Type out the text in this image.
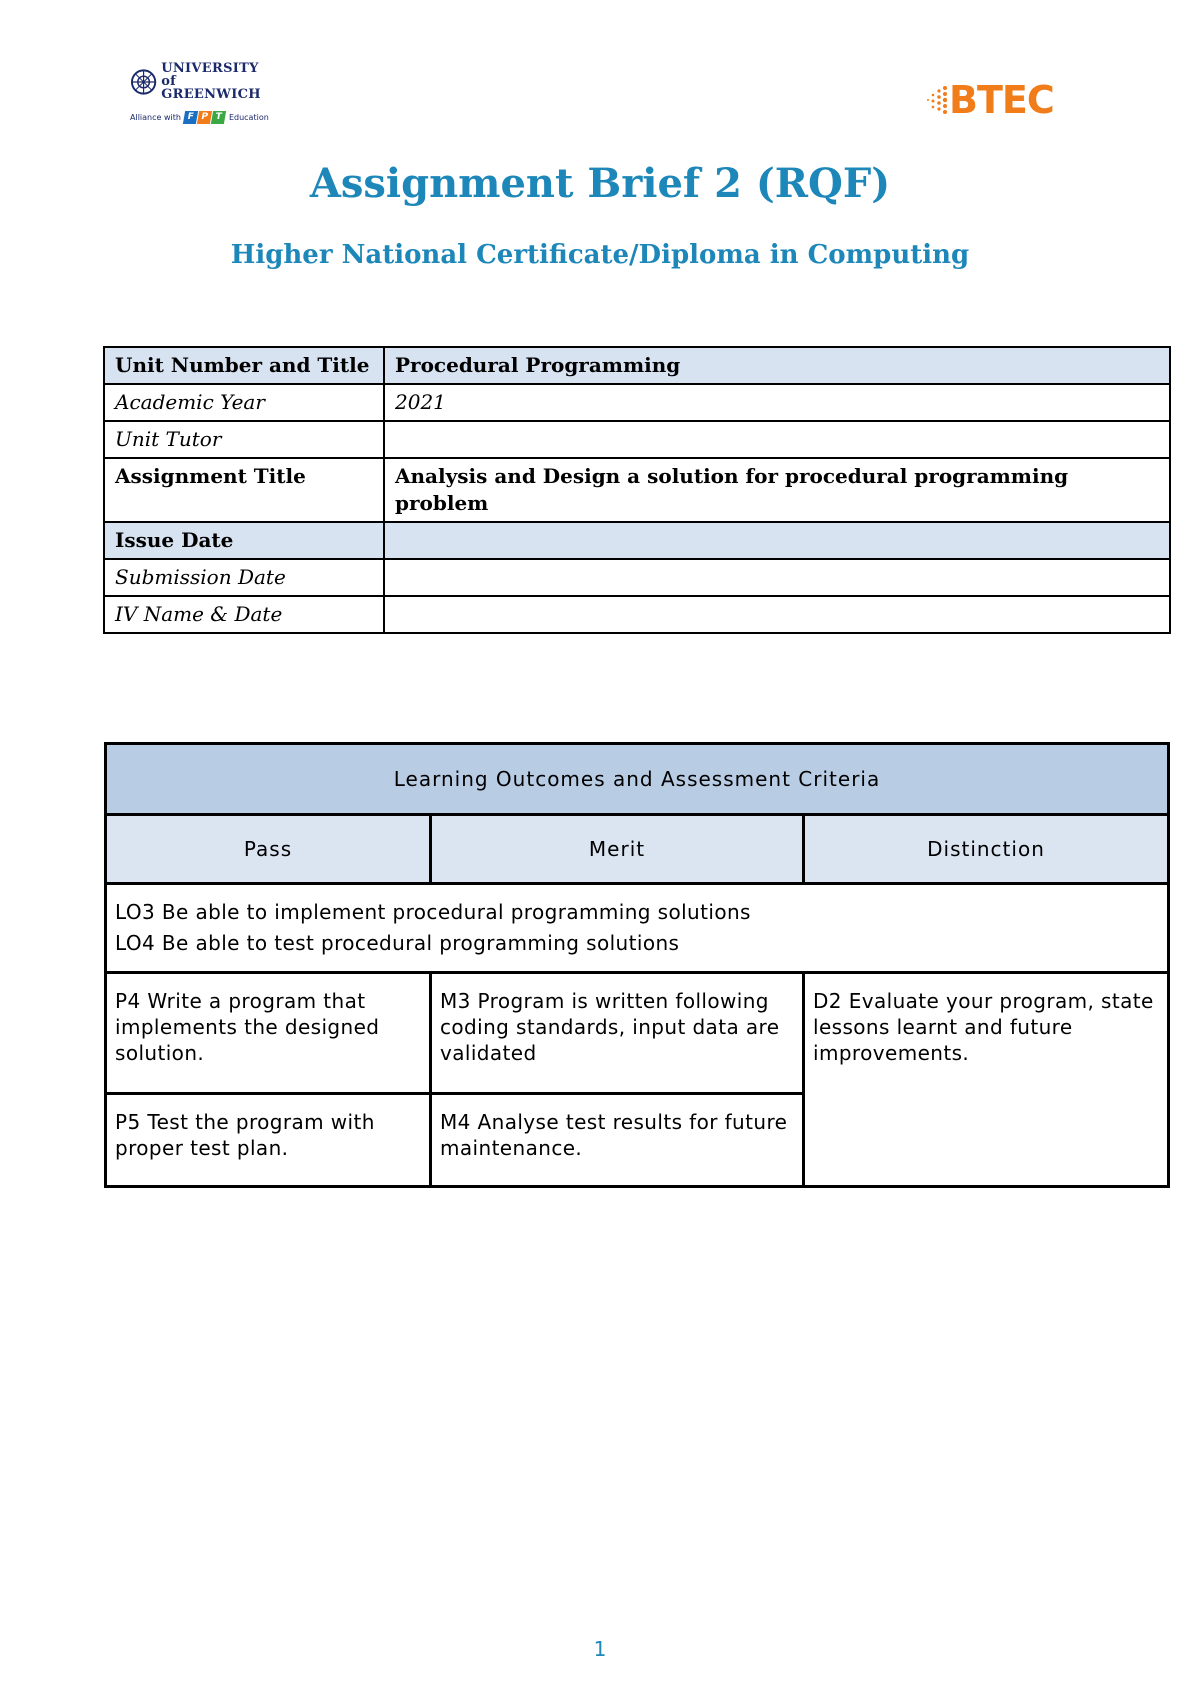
UNIVERSITY of
GREENWICH
Alliance with F P T Education	BTEC
Assignment Brief 2 (RQF)
Higher National Certificate/Diploma in Computing
Unit Number and Title	Procedural Programming
Academic Year	2021
Unit Tutor	
Assignment Title	Analysis and Design a solution for procedural programming problem
Issue Date	
Submission Date	
IV Name & Date	
Learning Outcomes and Assessment Criteria		
Pass	Merit	Distinction

LO3 Be able to implement procedural programming solutions
LO4 Be able to test procedural programming solutions		

P4 Write a program that implements the designed solution.	M3 Program is written following coding standards, input data are validated	D2 Evaluate your program, state lessons learnt and future improvements.
P5 Test the program with proper test plan.	M4 Analyse test results for future maintenance.	
1
